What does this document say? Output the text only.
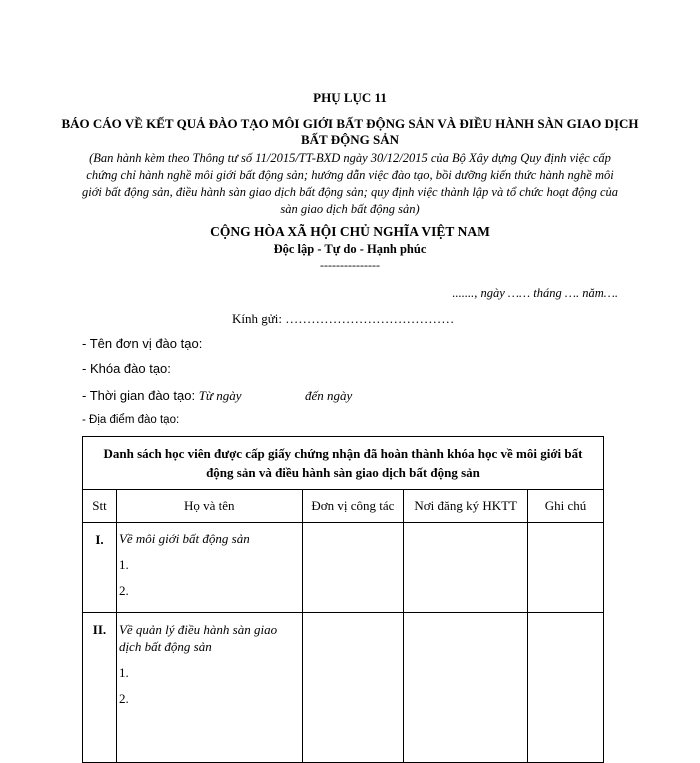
PHỤ LỤC 11
BÁO CÁO VỀ KẾT QUẢ ĐÀO TẠO MÔI GIỚI BẤT ĐỘNG SẢN VÀ ĐIỀU HÀNH SÀN GIAO DỊCH BẤT ĐỘNG SẢN
(Ban hành kèm theo Thông tư số 11/2015/TT-BXD ngày 30/12/2015 của Bộ Xây dựng Quy định việc cấp chứng chỉ hành nghề môi giới bất động sản; hướng dẫn việc đào tạo, bồi dưỡng kiến thức hành nghề môi giới bất động sản, điều hành sàn giao dịch bất động sản; quy định việc thành lập và tổ chức hoạt động của sàn giao dịch bất động sản)
CỘNG HÒA XÃ HỘI CHỦ NGHĨA VIỆT NAM
Độc lập - Tự do - Hạnh phúc
---------------
......., ngày …… tháng …. năm….
Kính gửi: …………………………………
- Tên đơn vị đào tạo:
- Khóa đào tạo:
- Thời gian đào tạo: Từ ngày	đến ngày
- Địa điểm đào tạo:
Danh sách học viên được cấp giấy chứng nhận đã hoàn thành khóa học về môi giới bất động sản và điều hành sàn giao dịch bất động sản				
Stt	Họ và tên	Đơn vị công tác	Nơi đăng ký HKTT	Ghi chú
I.	Về môi giới bất động sản
1.
2.			

II.	Về quản lý điều hành sàn giao dịch bất động sản
1.
2.			
